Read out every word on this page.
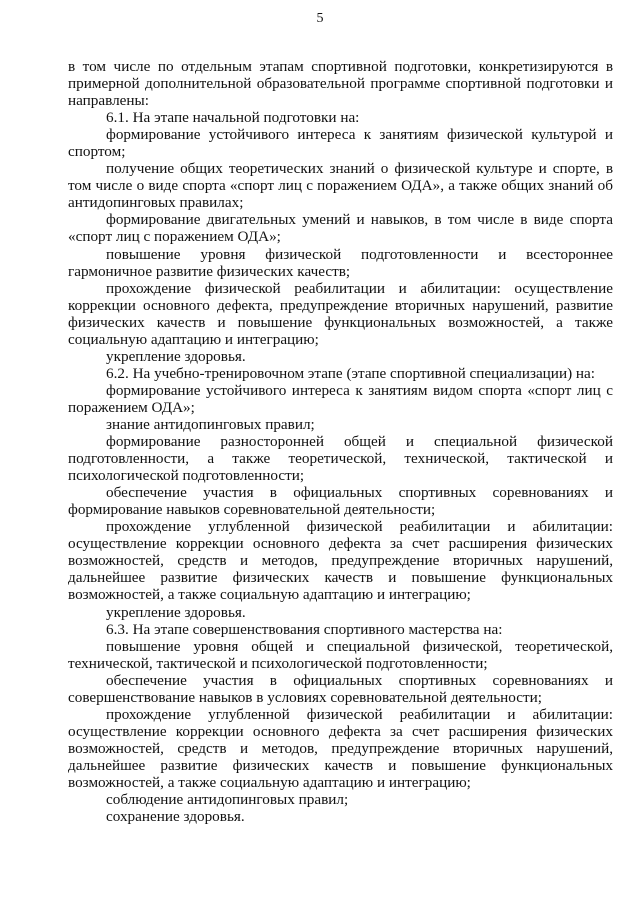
5

в том числе по отдельным этапам спортивной подготовки, конкретизируются в примерной дополнительной образовательной программе спортивной подготовки и направлены:

6.1. На этапе начальной подготовки на:

формирование устойчивого интереса к занятиям физической культурой и спортом;

получение общих теоретических знаний о физической культуре и спорте, в том числе о виде спорта «спорт лиц с поражением ОДА», а также общих знаний об антидопинговых правилах;

формирование двигательных умений и навыков, в том числе в виде спорта «спорт лиц с поражением ОДА»;

повышение уровня физической подготовленности и всестороннее гармоничное развитие физических качеств;

прохождение физической реабилитации и абилитации: осуществление коррекции основного дефекта, предупреждение вторичных нарушений, развитие физических качеств и повышение функциональных возможностей, а также социальную адаптацию и интеграцию;

укрепление здоровья.

6.2. На учебно-тренировочном этапе (этапе спортивной специализации) на:

формирование устойчивого интереса к занятиям видом спорта «спорт лиц с поражением ОДА»;

знание антидопинговых правил;

формирование разносторонней общей и специальной физической подготовленности, а также теоретической, технической, тактической и психологической подготовленности;

обеспечение участия в официальных спортивных соревнованиях и формирование навыков соревновательной деятельности;

прохождение углубленной физической реабилитации и абилитации: осуществление коррекции основного дефекта за счет расширения физических возможностей, средств и методов, предупреждение вторичных нарушений, дальнейшее развитие физических качеств и повышение функциональных возможностей, а также социальную адаптацию и интеграцию;

укрепление здоровья.

6.3. На этапе совершенствования спортивного мастерства на:

повышение уровня общей и специальной физической, теоретической, технической, тактической и психологической подготовленности;

обеспечение участия в официальных спортивных соревнованиях и совершенствование навыков в условиях соревновательной деятельности;

прохождение углубленной физической реабилитации и абилитации: осуществление коррекции основного дефекта за счет расширения физических возможностей, средств и методов, предупреждение вторичных нарушений, дальнейшее развитие физических качеств и повышение функциональных возможностей, а также социальную адаптацию и интеграцию;

соблюдение антидопинговых правил;

сохранение здоровья.
